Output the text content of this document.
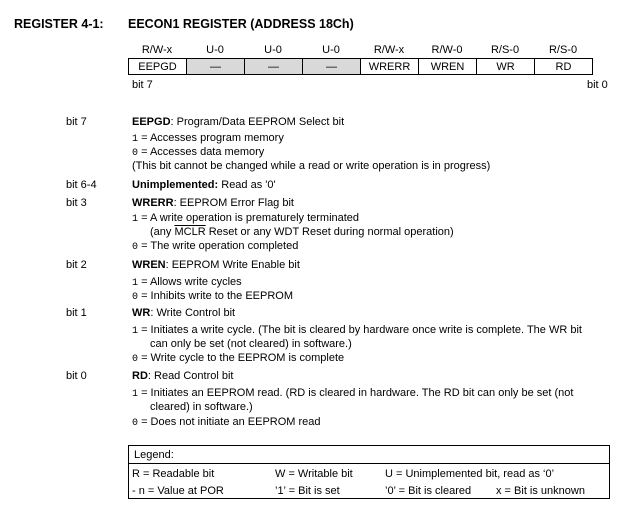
REGISTER 4-1: EECON1 REGISTER (ADDRESS 18Ch)
R/W-x	U-0	U-0	U-0	R/W-x	R/W-0	R/S-0	R/S-0
EEPGD	—	—	—	WRERR	WREN	WR	RD
bit 7	bit 0
bit 7	EEPGD: Program/Data EEPROM Select bit
1 = Accesses program memory
0 = Accesses data memory
(This bit cannot be changed while a read or write operation is in progress)
bit 6-4	Unimplemented: Read as '0'
bit 3	WRERR: EEPROM Error Flag bit
1 = A write operation is prematurely terminated
(any MCLR Reset or any WDT Reset during normal operation)
0 = The write operation completed
bit 2	WREN: EEPROM Write Enable bit
1 = Allows write cycles
0 = Inhibits write to the EEPROM
bit 1	WR: Write Control bit
1 = Initiates a write cycle. (The bit is cleared by hardware once write is complete. The WR bit
can only be set (not cleared) in software.)
0 = Write cycle to the EEPROM is complete
bit 0	RD: Read Control bit
1 = Initiates an EEPROM read. (RD is cleared in hardware. The RD bit can only be set (not
cleared) in software.)
0 = Does not initiate an EEPROM read
Legend:
R = Readable bit	W = Writable bit	U = Unimplemented bit, read as ‘0’
- n = Value at POR	’1’ = Bit is set	’0’ = Bit is cleared x = Bit is unknown
